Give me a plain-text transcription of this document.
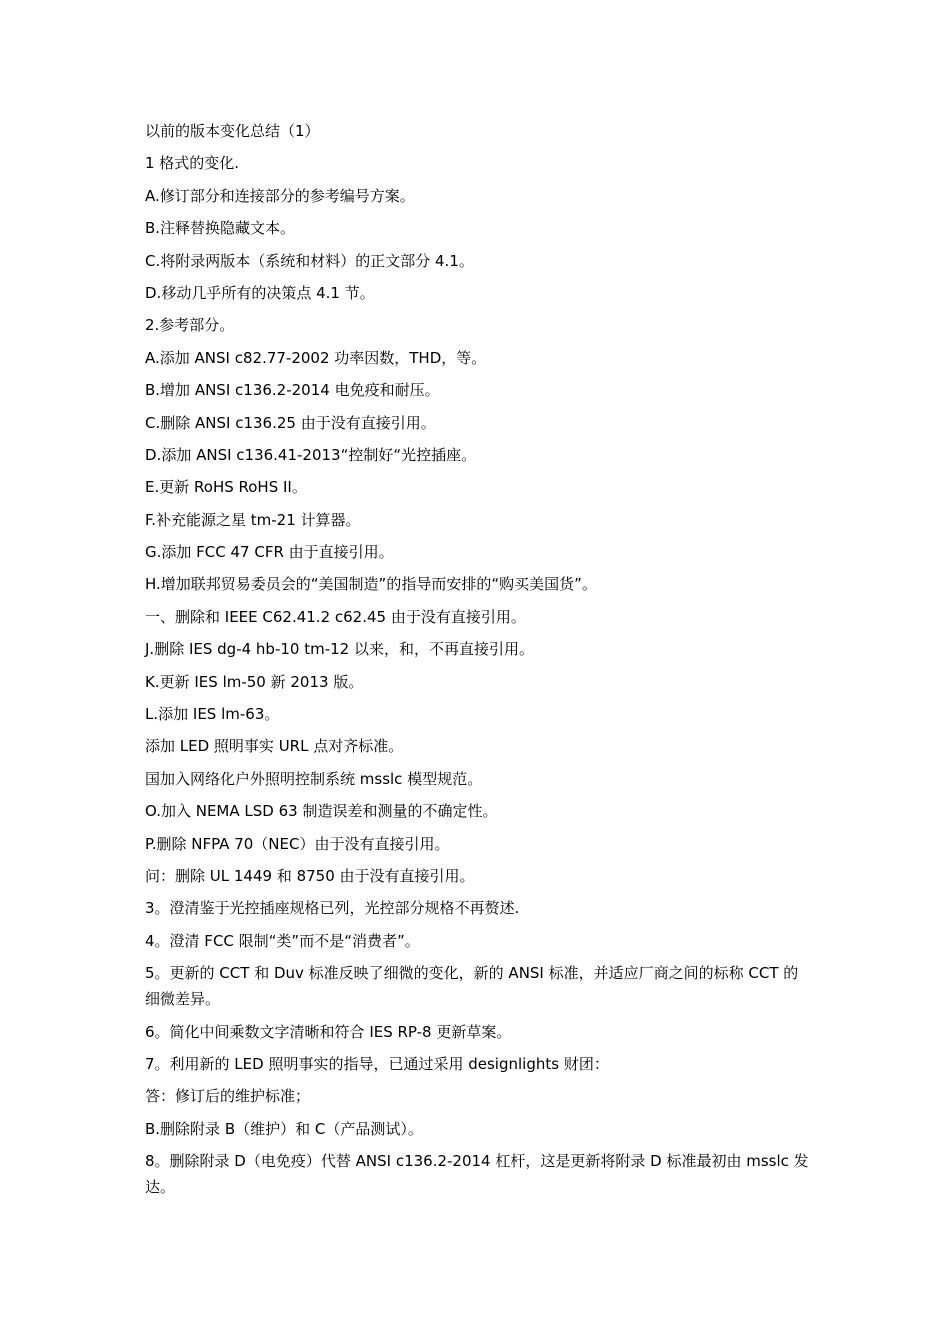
以前的版本变化总结（1）
1 格式的变化.
A.修订部分和连接部分的参考编号方案。
B.注释替换隐藏文本。
C.将附录两版本（系统和材料）的正文部分 4.1。
D.移动几乎所有的决策点 4.1 节。
2.参考部分。
A.添加 ANSI c82.77-2002 功率因数，THD，等。
B.增加 ANSI c136.2-2014 电免疫和耐压。
C.删除 ANSI c136.25 由于没有直接引用。
D.添加 ANSI c136.41-2013“控制好“光控插座。
E.更新 RoHS RoHS II。
F.补充能源之星 tm-21 计算器。
G.添加 FCC 47 CFR 由于直接引用。
H.增加联邦贸易委员会的“美国制造”的指导而安排的“购买美国货”。
一、删除和 IEEE C62.41.2 c62.45 由于没有直接引用。
J.删除 IES dg-4 hb-10 tm-12 以来，和，不再直接引用。
K.更新 IES lm-50 新 2013 版。
L.添加 IES lm-63。
添加 LED 照明事实 URL 点对齐标准。
国加入网络化户外照明控制系统 msslc 模型规范。
O.加入 NEMA LSD 63 制造误差和测量的不确定性。
P.删除 NFPA 70（NEC）由于没有直接引用。
问：删除 UL 1449 和 8750 由于没有直接引用。
3。澄清鉴于光控插座规格已列，光控部分规格不再赘述.
4。澄清 FCC 限制“类”而不是“消费者”。
5。更新的 CCT 和 Duv 标准反映了细微的变化，新的 ANSI 标准，并适应厂商之间的标称 CCT 的细微差异。
6。简化中间乘数文字清晰和符合 IES RP-8 更新草案。
7。利用新的 LED 照明事实的指导，已通过采用 designlights 财团：
答：修订后的维护标准；
B.删除附录 B（维护）和 C（产品测试）。
8。删除附录 D（电免疫）代替 ANSI c136.2-2014 杠杆，这是更新将附录 D 标准最初由 msslc 发达。
